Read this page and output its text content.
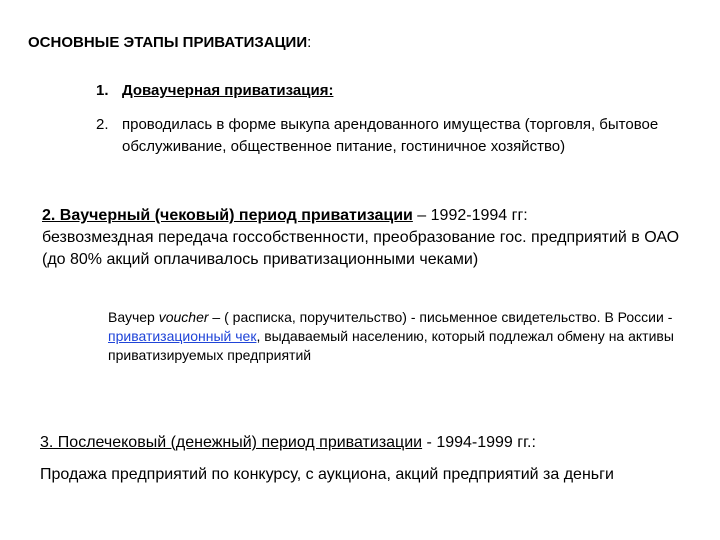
ОСНОВНЫЕ ЭТАПЫ ПРИВАТИЗАЦИИ:
1. Доваучерная приватизация:
2. проводилась в форме выкупа арендованного имущества (торговля, бытовое обслуживание, общественное питание, гостиничное хозяйство)
2. Ваучерный (чековый) период приватизации – 1992-1994 гг:
безвозмездная передача госсобственности, преобразование гос. предприятий в ОАО (до 80% акций оплачивалось приватизационными чеками)
Ваучер voucher – ( расписка, поручительство) - письменное свидетельство. В России - приватизационный чек, выдаваемый населению, который подлежал обмену на активы приватизируемых предприятий
3. Послечековый (денежный) период приватизации - 1994-1999 гг.:
Продажа предприятий по конкурсу, с аукциона, акций предприятий за деньги
